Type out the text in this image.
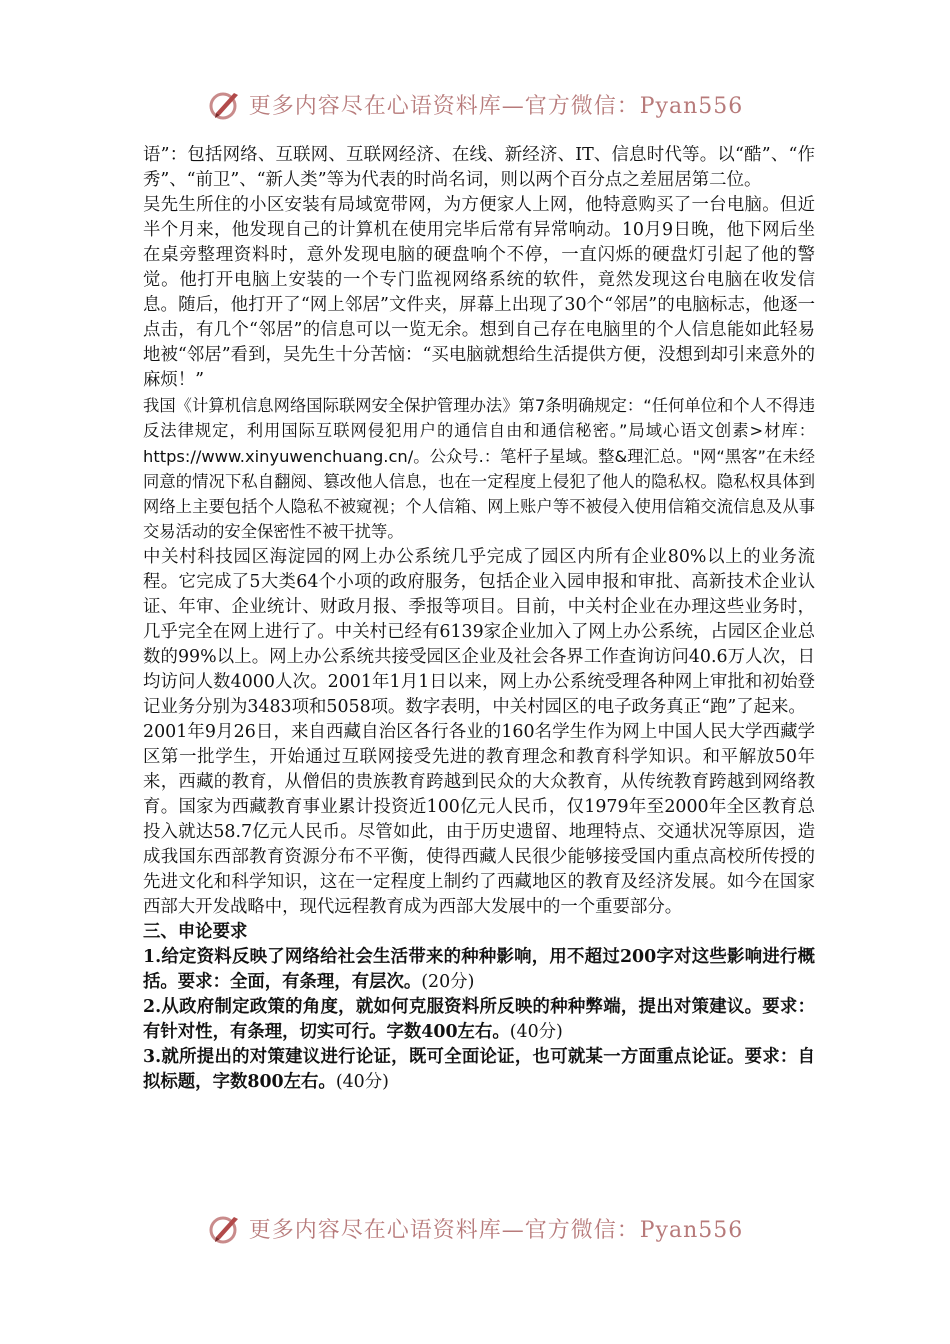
更多内容尽在心语资料库—官方微信：Pyan556

语”：包括网络、互联网、互联网经济、在线、新经济、IT、信息时代等。以“酷”、“作秀”、“前卫”、“新人类”等为代表的时尚名词，则以两个百分点之差屈居第二位。

吴先生所住的小区安装有局域宽带网，为方便家人上网，他特意购买了一台电脑。但近半个月来，他发现自己的计算机在使用完毕后常有异常响动。10月9日晚，他下网后坐在桌旁整理资料时，意外发现电脑的硬盘响个不停，一直闪烁的硬盘灯引起了他的警觉。他打开电脑上安装的一个专门监视网络系统的软件，竟然发现这台电脑在收发信息。随后，他打开了“网上邻居”文件夹，屏幕上出现了30个“邻居”的电脑标志，他逐一点击，有几个“邻居”的信息可以一览无余。想到自己存在电脑里的个人信息能如此轻易地被“邻居”看到，吴先生十分苦恼：“买电脑就想给生活提供方便，没想到却引来意外的麻烦！”

我国《计算机信息网络国际联网安全保护管理办法》第7条明确规定：“任何单位和个人不得违反法律规定，利用国际互联网侵犯用户的通信自由和通信秘密。”局域心语文创素>材库：https://www.xinyuwenchuang.cn/。公众号.：笔杆子星域。整&理汇总。"网“黑客”在未经同意的情况下私自翻阅、篡改他人信息，也在一定程度上侵犯了他人的隐私权。隐私权具体到网络上主要包括个人隐私不被窥视；个人信箱、网上账户等不被侵入使用信箱交流信息及从事交易活动的安全保密性不被干扰等。

中关村科技园区海淀园的网上办公系统几乎完成了园区内所有企业80%以上的业务流程。它完成了5大类64个小项的政府服务，包括企业入园申报和审批、高新技术企业认证、年审、企业统计、财政月报、季报等项目。目前，中关村企业在办理这些业务时，几乎完全在网上进行了。中关村已经有6139家企业加入了网上办公系统，占园区企业总数的99%以上。网上办公系统共接受园区企业及社会各界工作查询访问40.6万人次，日均访问人数4000人次。2001年1月1日以来，网上办公系统受理各种网上审批和初始登记业务分别为3483项和5058项。数字表明，中关村园区的电子政务真正“跑”了起来。

2001年9月26日，来自西藏自治区各行各业的160名学生作为网上中国人民大学西藏学区第一批学生，开始通过互联网接受先进的教育理念和教育科学知识。和平解放50年来，西藏的教育，从僧侣的贵族教育跨越到民众的大众教育，从传统教育跨越到网络教育。国家为西藏教育事业累计投资近100亿元人民币，仅1979年至2000年全区教育总投入就达58.7亿元人民币。尽管如此，由于历史遗留、地理特点、交通状况等原因，造成我国东西部教育资源分布不平衡，使得西藏人民很少能够接受国内重点高校所传授的先进文化和科学知识，这在一定程度上制约了西藏地区的教育及经济发展。如今在国家西部大开发战略中，现代远程教育成为西部大发展中的一个重要部分。

三、申论要求

1.给定资料反映了网络给社会生活带来的种种影响，用不超过200字对这些影响进行概括。要求：全面，有条理，有层次。(20分)

2.从政府制定政策的角度，就如何克服资料所反映的种种弊端，提出对策建议。要求：有针对性，有条理，切实可行。字数400左右。(40分)

3.就所提出的对策建议进行论证，既可全面论证，也可就某一方面重点论证。要求：自拟标题，字数800左右。(40分)

更多内容尽在心语资料库—官方微信：Pyan556
